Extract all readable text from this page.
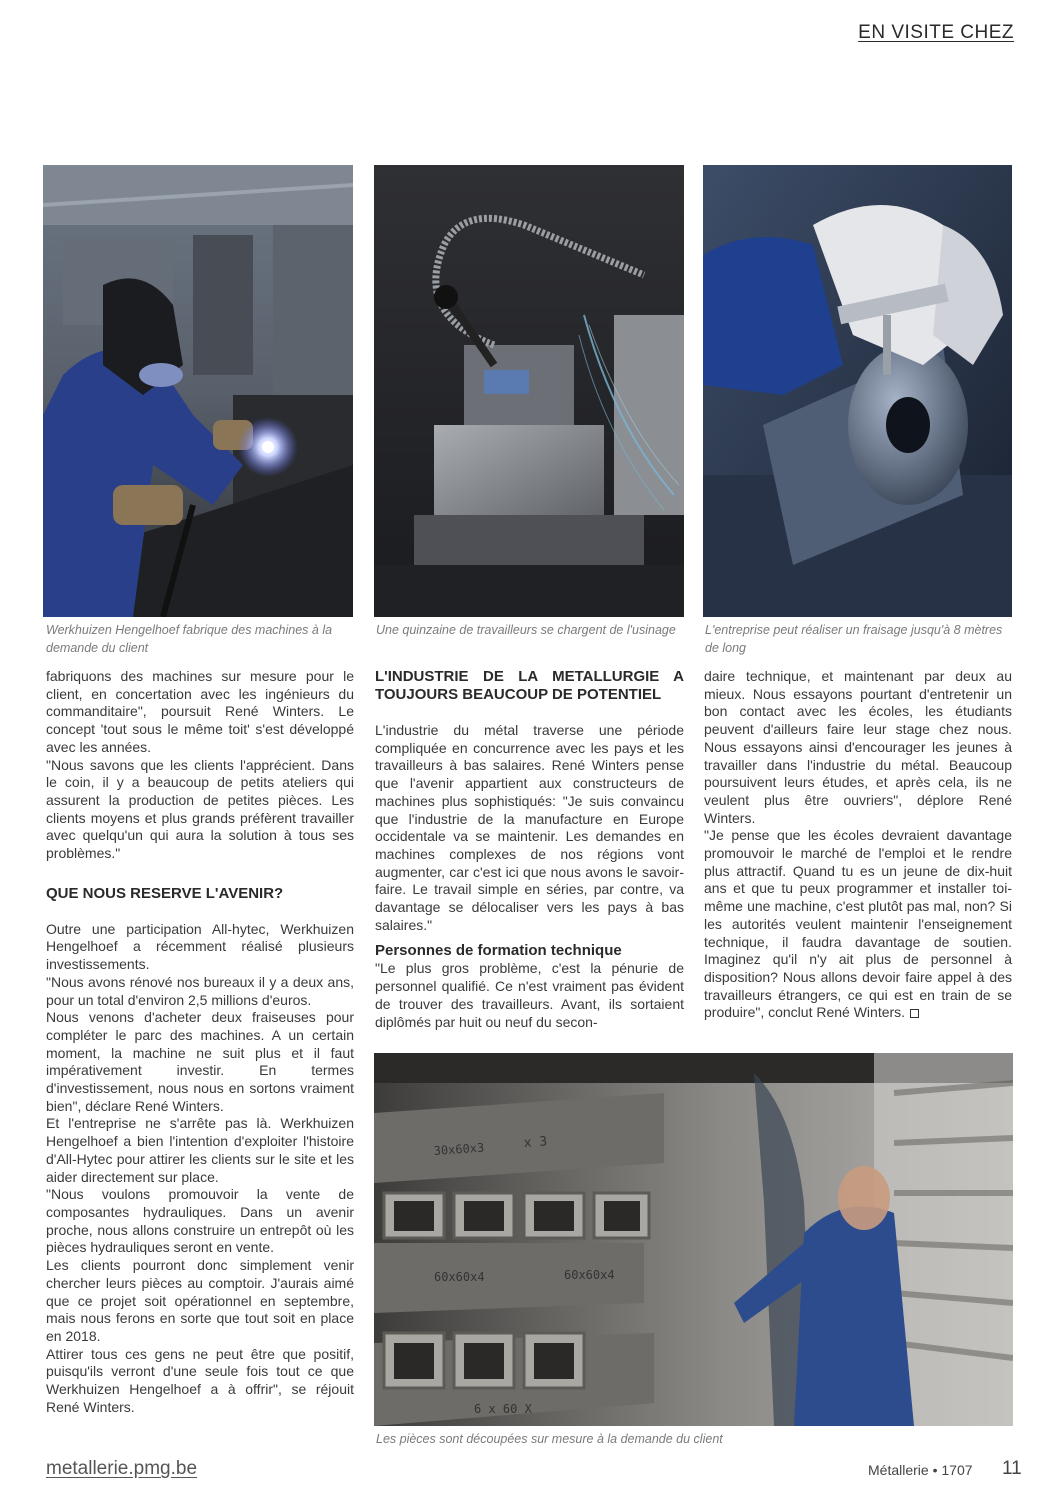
EN VISITE CHEZ
Werkhuizen Hengelhoef fabrique des machines à la demande du client
Une quinzaine de travailleurs se chargent de l'usinage L'entreprise peut réaliser un fraisage jusqu'à 8 mètres de long

fabriquons des machines sur mesure pour le client, en concertation avec les ingénieurs du commanditaire", poursuit René Winters. Le concept 'tout sous le même toit' s'est développé avec les années.

"Nous savons que les clients l'apprécient. Dans le coin, il y a beaucoup de petits ateliers qui assurent la production de petites pièces. Les clients moyens et plus grands préfèrent travailler avec quelqu'un qui aura la solution à tous ses problèmes."

QUE NOUS RESERVE L'AVENIR?

Outre une participation All-hytec, Werkhuizen Hengelhoef a récemment réalisé plusieurs investissements.

"Nous avons rénové nos bureaux il y a deux ans, pour un total d'environ 2,5 millions d'euros.

Nous venons d'acheter deux fraiseuses pour compléter le parc des machines. A un certain moment, la machine ne suit plus et il faut impérativement investir. En termes d'investissement, nous nous en sortons vraiment bien", déclare René Winters.

Et l'entreprise ne s'arrête pas là. Werkhuizen Hengelhoef a bien l'intention d'exploiter l'histoire d'All-Hytec pour attirer les clients sur le site et les aider directement sur place.

"Nous voulons promouvoir la vente de composantes hydrauliques. Dans un avenir proche, nous allons construire un entrepôt où les pièces hydrauliques seront en vente.

Les clients pourront donc simplement venir chercher leurs pièces au comptoir. J'aurais aimé que ce projet soit opérationnel en septembre, mais nous ferons en sorte que tout soit en place en 2018.

Attirer tous ces gens ne peut être que positif, puisqu'ils verront d'une seule fois tout ce que Werkhuizen Hengelhoef a à offrir", se réjouit René Winters.

L'INDUSTRIE DE LA METALLURGIE A TOUJOURS BEAUCOUP DE POTENTIEL

L'industrie du métal traverse une période compliquée en concurrence avec les pays et les travailleurs à bas salaires. René Winters pense que l'avenir appartient aux constructeurs de machines plus sophistiqués: "Je suis convaincu que l'industrie de la manufacture en Europe occidentale va se maintenir. Les demandes en machines complexes de nos régions vont augmenter, car c'est ici que nous avons le savoir-faire. Le travail simple en séries, par contre, va davantage se délocaliser vers les pays à bas salaires."

Personnes de formation technique

"Le plus gros problème, c'est la pénurie de personnel qualifié. Ce n'est vraiment pas évident de trouver des travailleurs. Avant, ils sortaient diplômés par huit ou neuf du secon-

daire technique, et maintenant par deux au mieux. Nous essayons pourtant d'entretenir un bon contact avec les écoles, les étudiants peuvent d'ailleurs faire leur stage chez nous. Nous essayons ainsi d'encourager les jeunes à travailler dans l'industrie du métal. Beaucoup poursuivent leurs études, et après cela, ils ne veulent plus être ouvriers", déplore René Winters.

"Je pense que les écoles devraient davantage promouvoir le marché de l'emploi et le rendre plus attractif. Quand tu es un jeune de dix-huit ans et que tu peux programmer et installer toi-même une machine, c'est plutôt pas mal, non? Si les autorités veulent maintenir l'enseignement technique, il faudra davantage de soutien. Imaginez qu'il n'y ait plus de personnel à disposition? Nous allons devoir faire appel à des travailleurs étrangers, ce qui est en train de se produire", conclut René Winters.

30x60x3	x 3
60x60x4	60x60x4
6 x 60 X
Les pièces sont découpées sur mesure à la demande du client
metallerie.pmg.be	Métallerie • 1707 11
